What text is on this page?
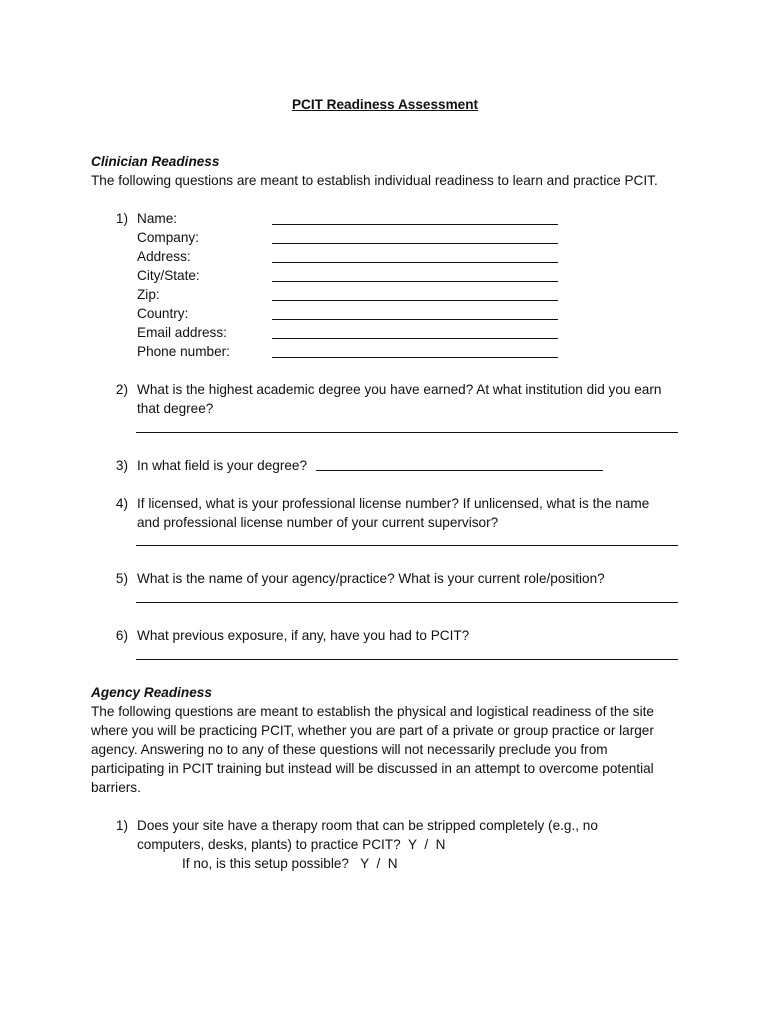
PCIT Readiness Assessment
Clinician Readiness
The following questions are meant to establish individual readiness to learn and practice PCIT.
1) Name:
Company:
Address:
City/State:
Zip:
Country:
Email address:
Phone number:
2) What is the highest academic degree you have earned? At what institution did you earn
that degree?
3) In what field is your degree?
4) If licensed, what is your professional license number? If unlicensed, what is the name
and professional license number of your current supervisor?
5) What is the name of your agency/practice? What is your current role/position?
6) What previous exposure, if any, have you had to PCIT?
Agency Readiness
The following questions are meant to establish the physical and logistical readiness of the site
where you will be practicing PCIT, whether you are part of a private or group practice or larger
agency. Answering no to any of these questions will not necessarily preclude you from
participating in PCIT training but instead will be discussed in an attempt to overcome potential
barriers.
1) Does your site have a therapy room that can be stripped completely (e.g., no
computers, desks, plants) to practice PCIT?  Y  /  N
If no, is this setup possible?   Y  /  N
